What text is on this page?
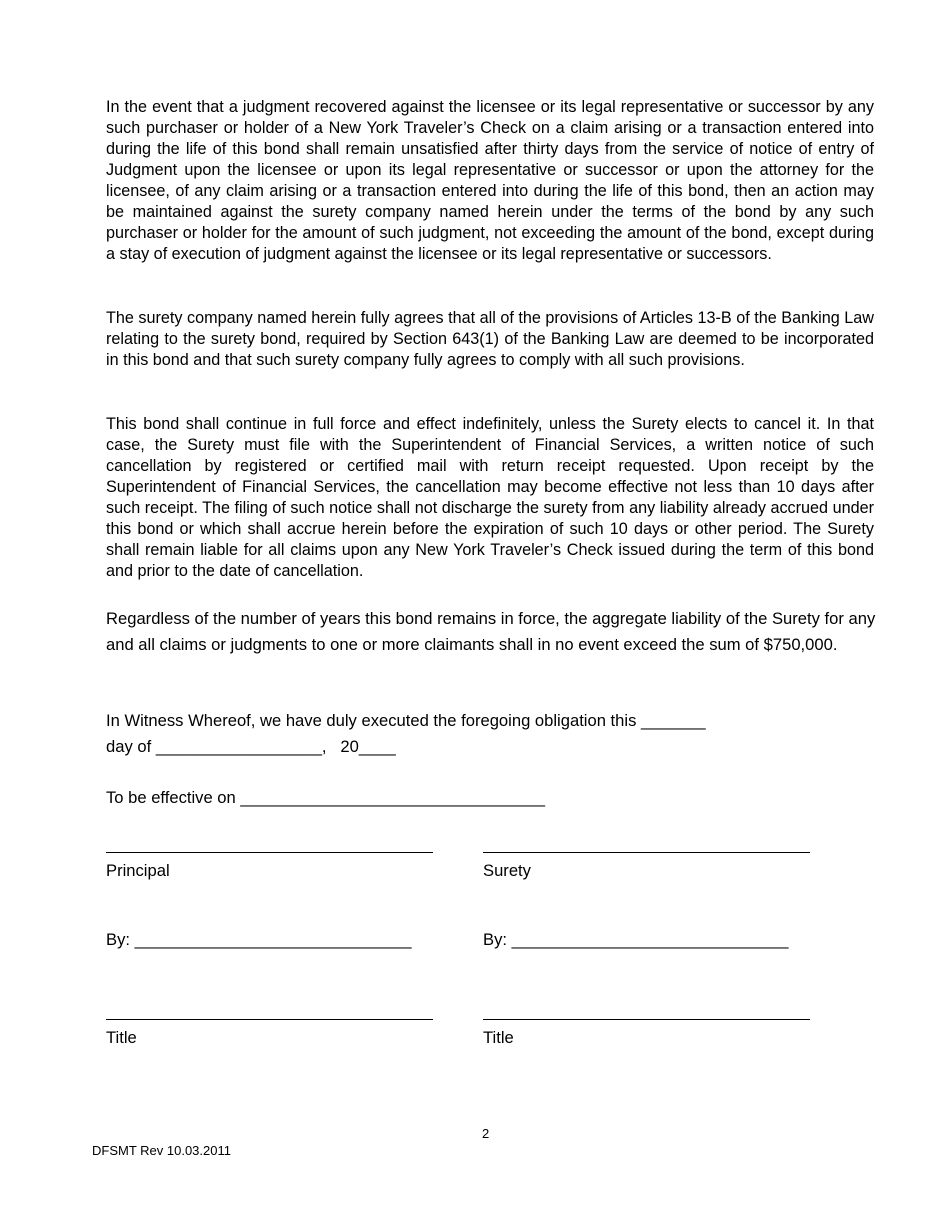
In the event that a judgment recovered against the licensee or its legal representative or successor by any such purchaser or holder of a New York Traveler’s Check on a claim arising or a transaction entered into during the life of this bond shall remain unsatisfied after thirty days from the service of notice of entry of Judgment upon the licensee or upon its legal representative or successor or upon the attorney for the licensee, of any claim arising or a transaction entered into during the life of this bond, then an action may be maintained against the surety company named herein under the terms of the bond by any such purchaser or holder for the amount of such judgment, not exceeding the amount of the bond, except during a stay of execution of judgment against the licensee or its legal representative or successors.

The surety company named herein fully agrees that all of the provisions of Articles 13-B of the Banking Law relating to the surety bond, required by Section 643(1) of the Banking Law are deemed to be incorporated in this bond and that such surety company fully agrees to comply with all such provisions.

This bond shall continue in full force and effect indefinitely, unless the Surety elects to cancel it. In that case, the Surety must file with the Superintendent of Financial Services, a written notice of such cancellation by registered or certified mail with return receipt requested. Upon receipt by the Superintendent of Financial Services, the cancellation may become effective not less than 10 days after such receipt. The filing of such notice shall not discharge the surety from any liability already accrued under this bond or which shall accrue herein before the expiration of such 10 days or other period. The Surety shall remain liable for all claims upon any New York Traveler’s Check issued during the term of this bond and prior to the date of cancellation.

Regardless of the number of years this bond remains in force, the aggregate liability of the Surety for any and all claims or judgments to one or more claimants shall in no event exceed the sum of $750,000.

In Witness Whereof, we have duly executed the foregoing obligation this _______
day of __________________,   20____
To be effective on _________________________________
Principal	Surety
By: ______________________________	By: ______________________________
Title	Title
2
DFSMT Rev 10.03.2011
